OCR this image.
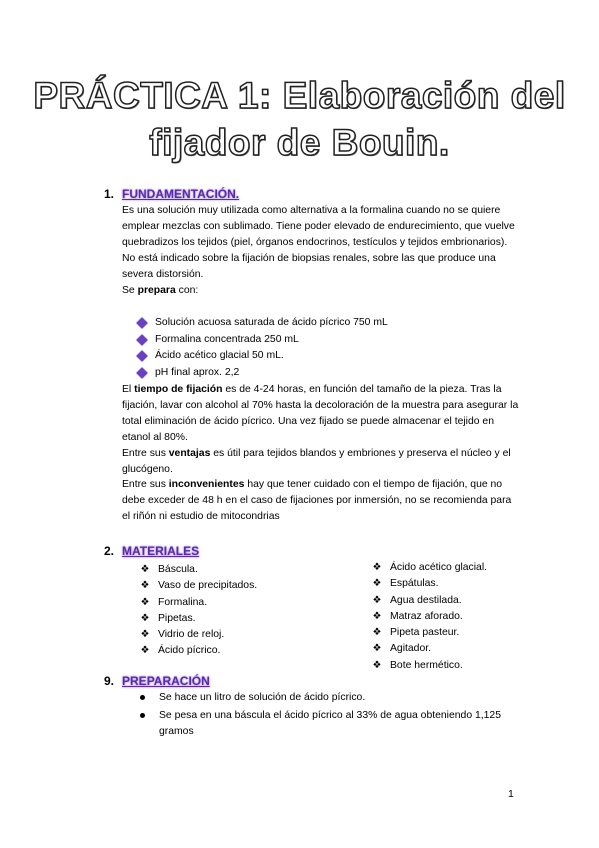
PRÁCTICA 1: Elaboración del
fijador de Bouin.
1. FUNDAMENTACIÓN.

Es una solución muy utilizada como alternativa a la formalina cuando no se quiere emplear mezclas con sublimado. Tiene poder elevado de endurecimiento, que vuelve quebradizos los tejidos (piel, órganos endocrinos, testículos y tejidos embrionarios).

No está indicado sobre la fijación de biopsias renales, sobre las que produce una severa distorsión.

Se prepara con:

Solución acuosa saturada de ácido pícrico 750 mL
Formalina concentrada 250 mL
Ácido acético glacial 50 mL.
pH final aprox. 2,2

El tiempo de fijación es de 4-24 horas, en función del tamaño de la pieza. Tras la fijación, lavar con alcohol al 70% hasta la decoloración de la muestra para asegurar la total eliminación de ácido pícrico. Una vez fijado se puede almacenar el tejido en etanol al 80%.

Entre sus ventajas es útil para tejidos blandos y embriones y preserva el núcleo y el glucógeno.

Entre sus inconvenientes hay que tener cuidado con el tiempo de fijación, que no debe exceder de 48 h en el caso de fijaciones por inmersión, no se recomienda para el riñón ni estudio de mitocondrias

2. MATERIALES
❖ Báscula.
❖ Vaso de precipitados.
❖ Formalina.
❖ Pipetas.
❖ Vidrio de reloj.
❖ Ácido pícrico.
❖ Ácido acético glacial.
❖ Espátulas.
❖ Agua destilada.
❖ Matraz aforado.
❖ Pipeta pasteur.
❖ Agitador.
❖ Bote hermético.
9. PREPARACIÓN
Se hace un litro de solución de ácido pícrico.
Se pesa en una báscula el ácido pícrico al 33% de agua obteniendo 1,125 gramos
1
